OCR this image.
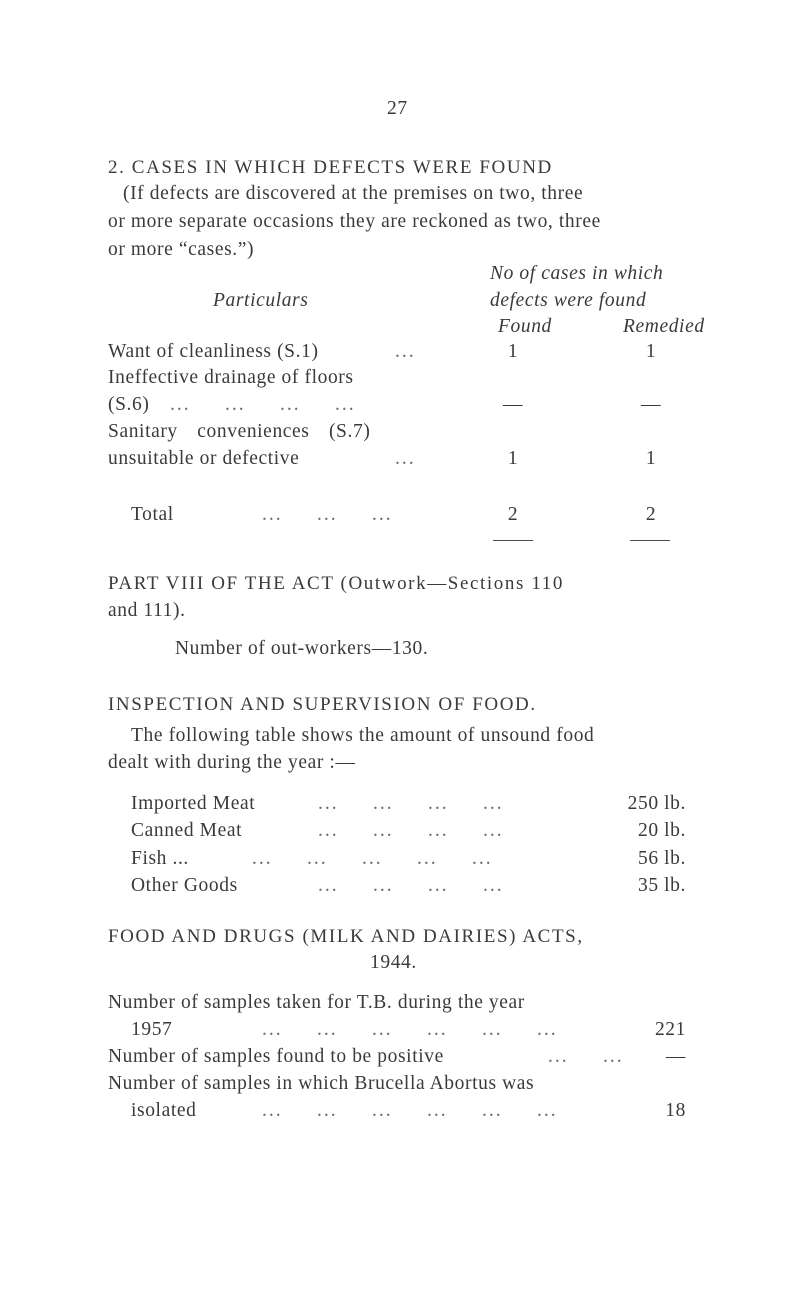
27
2. CASES IN WHICH DEFECTS WERE FOUND
(If defects are discovered at the premises on two, three
or more separate occasions they are reckoned as two, three
or more “cases.”)
No of cases in which
Particulars	defects were found
Found	Remedied
Want of cleanliness (S.1)	...	1	1
Ineffective drainage of floors
(S.6) ...     ...     ...     ...	—	—
Sanitary conveniences (S.7)
unsuitable or defective	...	1	1
Total	...     ...     ...	2	2
PART VIII OF THE ACT (Outwork—Sections 110
and 111).
Number of out-workers—130.
INSPECTION AND SUPERVISION OF FOOD.
The following table shows the amount of unsound food
dealt with during the year :—
Imported Meat	...     ...     ...     ...	250 lb.
Canned Meat	...     ...     ...     ...	20 lb.
Fish ...	...     ...     ...     ...     ...	56 lb.
Other Goods	...     ...     ...     ...	35 lb.
FOOD AND DRUGS (MILK AND DAIRIES) ACTS,
1944.
Number of samples taken for T.B. during the year
1957	...     ...     ...     ...     ...     ...	221
Number of samples found to be positive	...     ... —
Number of samples in which Brucella Abortus was
isolated	...     ...     ...     ...     ...     ...	18
